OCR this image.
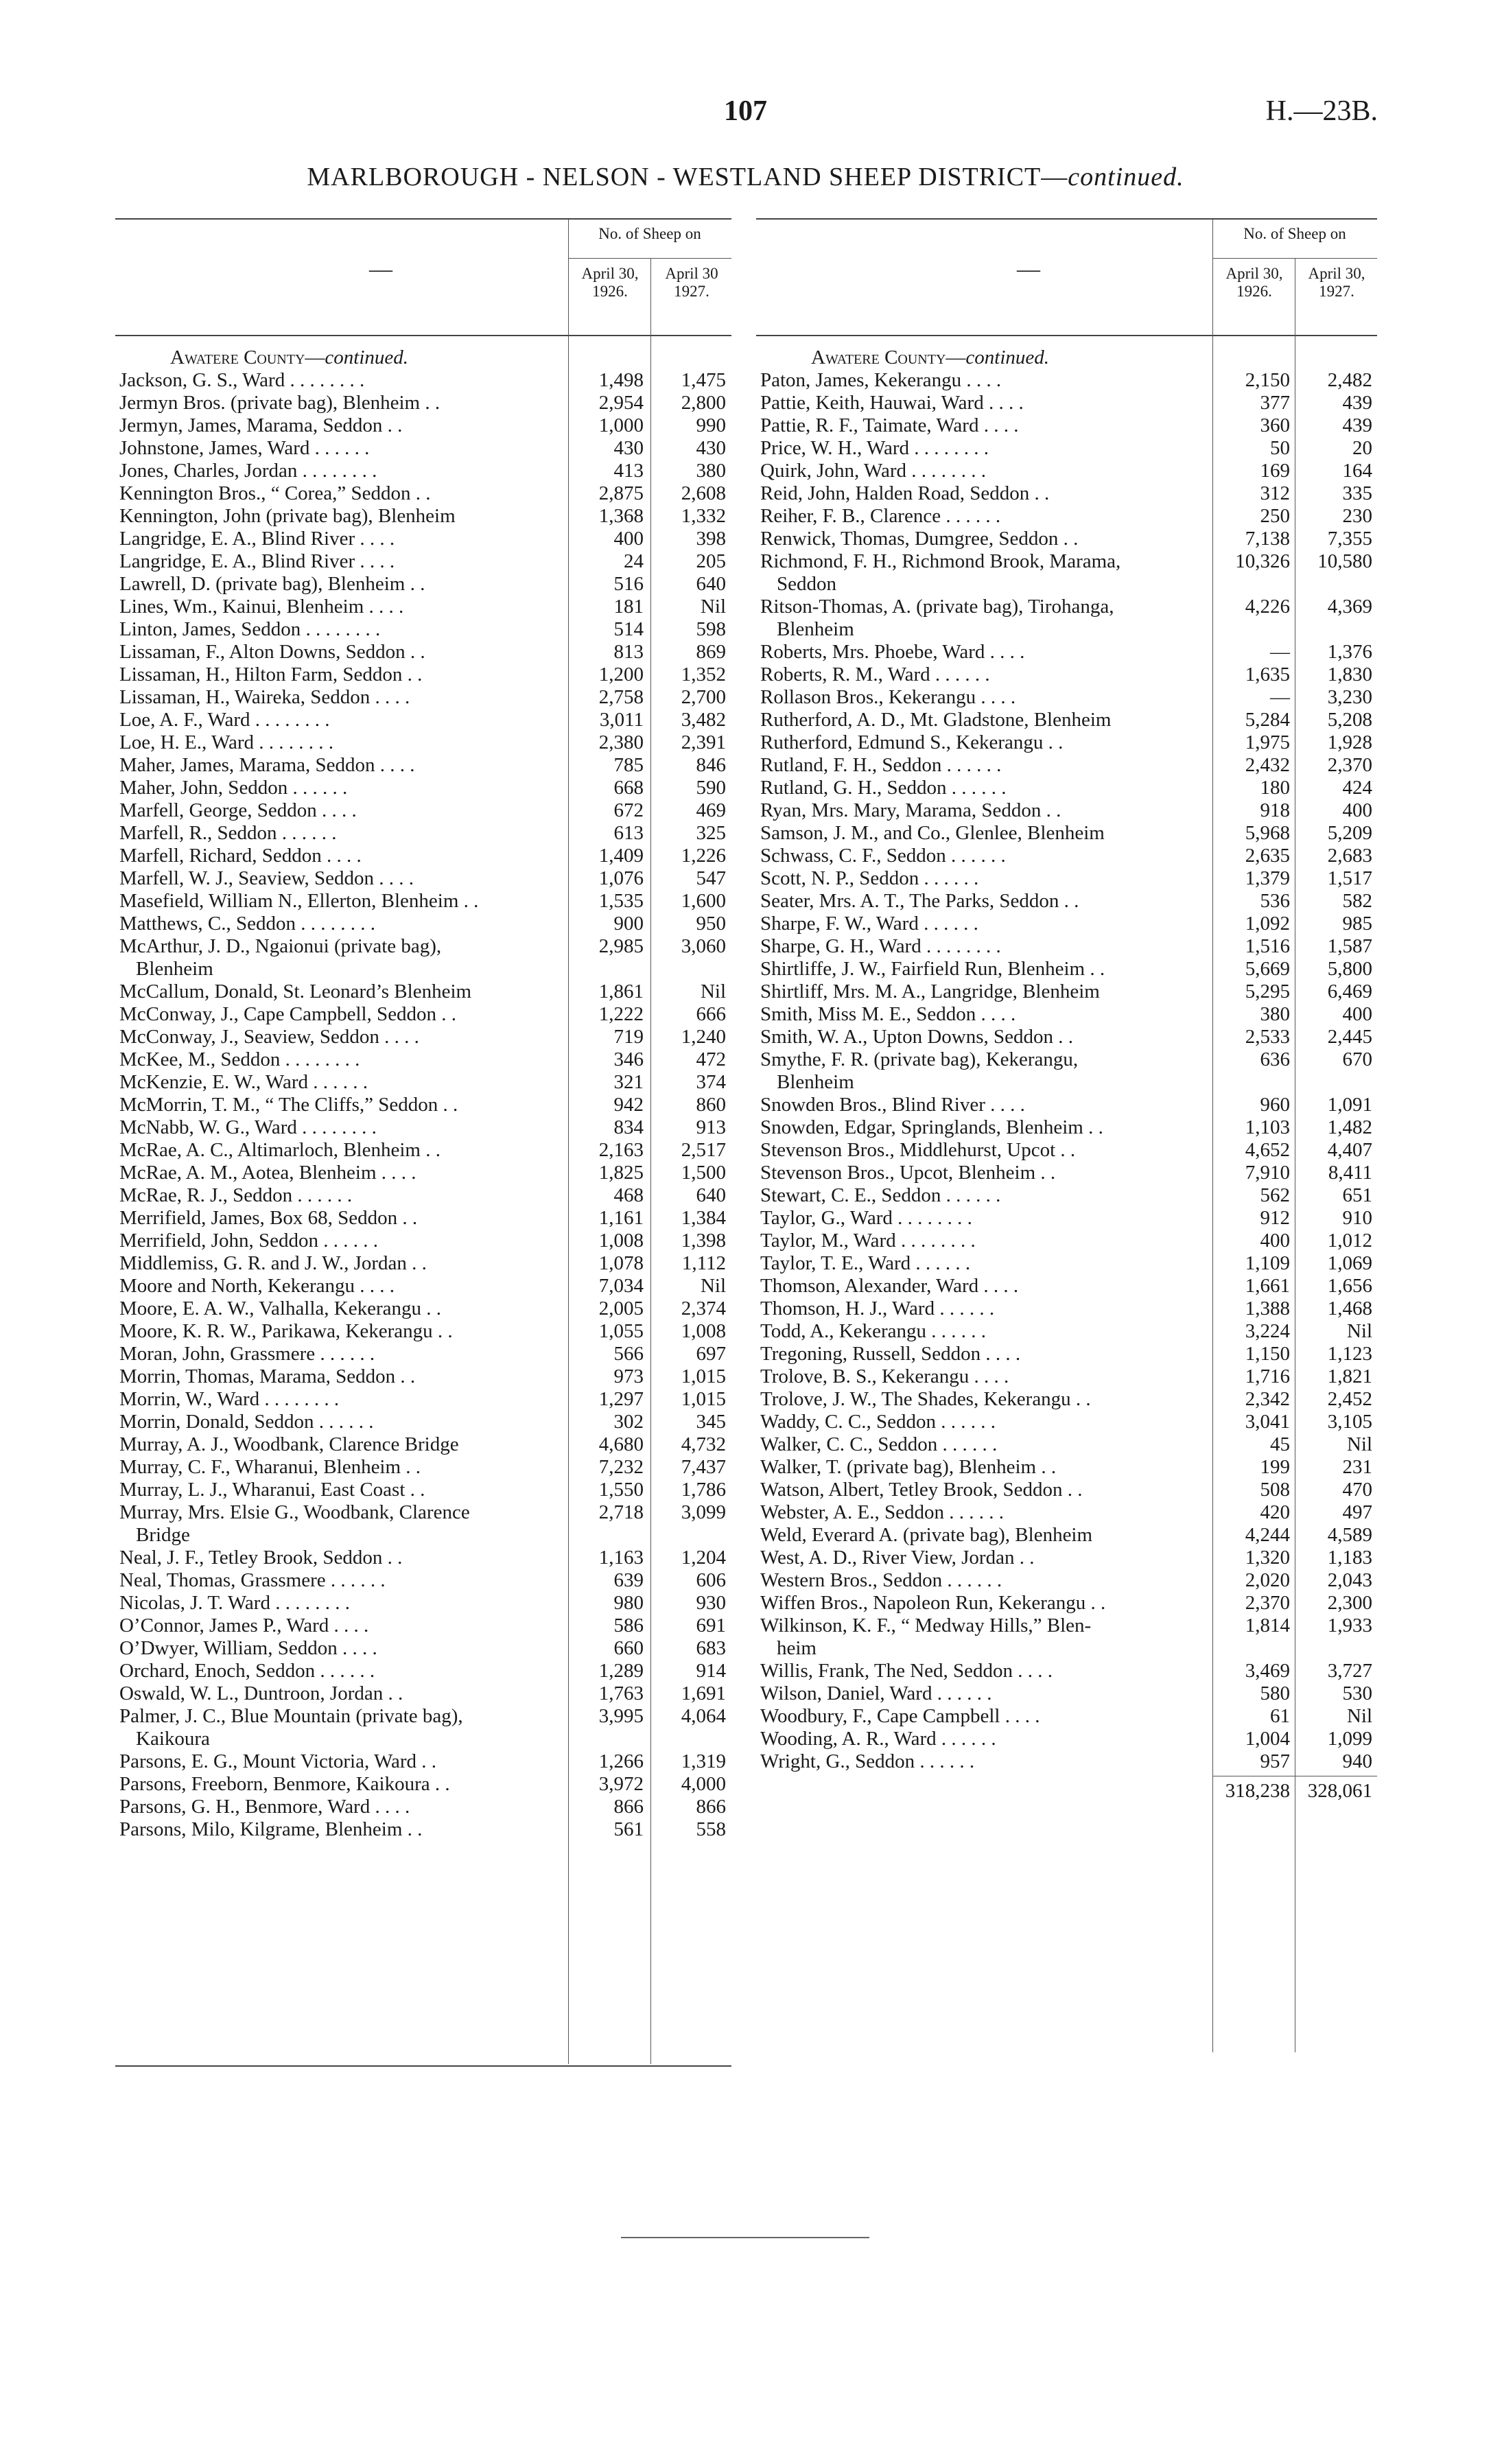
107	H.—23B.
MARLBOROUGH - NELSON - WESTLAND SHEEP DISTRICT—continued.
—
No. of Sheep on
April 30, 1926.
April 30 1927.
Awatere County—continued.
Jackson, G. S., Ward . . . . . . . .	1,498	1,475
Jermyn Bros. (private bag), Blenheim . .	2,954	2,800
Jermyn, James, Marama, Seddon . .	1,000	990
Johnstone, James, Ward . . . . . .	430	430
Jones, Charles, Jordan . . . . . . . .	413	380
Kennington Bros., “ Corea,” Seddon . .	2,875	2,608
Kennington, John (private bag), Blenheim	1,368	1,332
Langridge, E. A., Blind River . . . .	400	398
Langridge, E. A., Blind River . . . .	24	205
Lawrell, D. (private bag), Blenheim . .	516	640
Lines, Wm., Kainui, Blenheim . . . .	181	Nil
Linton, James, Seddon . . . . . . . .	514	598
Lissaman, F., Alton Downs, Seddon . .	813	869
Lissaman, H., Hilton Farm, Seddon . .	1,200	1,352
Lissaman, H., Waireka, Seddon . . . .	2,758	2,700
Loe, A. F., Ward . . . . . . . .	3,011	3,482
Loe, H. E., Ward . . . . . . . .	2,380	2,391
Maher, James, Marama, Seddon . . . .	785	846
Maher, John, Seddon . . . . . .	668	590
Marfell, George, Seddon . . . .	672	469
Marfell, R., Seddon . . . . . .	613	325
Marfell, Richard, Seddon . . . .	1,409	1,226
Marfell, W. J., Seaview, Seddon . . . .	1,076	547
Masefield, William N., Ellerton, Blenheim . .	1,535	1,600
Matthews, C., Seddon . . . . . . . .	900	950
McArthur, J. D., Ngaionui (private bag),
Blenheim
2,985	3,060
McCallum, Donald, St. Leonard’s Blenheim	1,861	Nil
McConway, J., Cape Campbell, Seddon . .	1,222	666
McConway, J., Seaview, Seddon . . . .	719	1,240
McKee, M., Seddon . . . . . . . .	346	472
McKenzie, E. W., Ward . . . . . .	321	374
McMorrin, T. M., “ The Cliffs,” Seddon . .	942	860
McNabb, W. G., Ward . . . . . . . .	834	913
McRae, A. C., Altimarloch, Blenheim . .	2,163	2,517
McRae, A. M., Aotea, Blenheim . . . .	1,825	1,500
McRae, R. J., Seddon . . . . . .	468	640
Merrifield, James, Box 68, Seddon . .	1,161	1,384
Merrifield, John, Seddon . . . . . .	1,008	1,398
Middlemiss, G. R. and J. W., Jordan . .	1,078	1,112
Moore and North, Kekerangu . . . .	7,034	Nil
Moore, E. A. W., Valhalla, Kekerangu . .	2,005	2,374
Moore, K. R. W., Parikawa, Kekerangu . .	1,055	1,008
Moran, John, Grassmere . . . . . .	566	697
Morrin, Thomas, Marama, Seddon . .	973	1,015
Morrin, W., Ward . . . . . . . .	1,297	1,015
Morrin, Donald, Seddon . . . . . .	302	345
Murray, A. J., Woodbank, Clarence Bridge	4,680	4,732
Murray, C. F., Wharanui, Blenheim . .	7,232	7,437
Murray, L. J., Wharanui, East Coast . .	1,550	1,786
Murray, Mrs. Elsie G., Woodbank, Clarence
Bridge
2,718	3,099
Neal, J. F., Tetley Brook, Seddon . .	1,163	1,204
Neal, Thomas, Grassmere . . . . . .	639	606
Nicolas, J. T. Ward . . . . . . . .	980	930
O’Connor, James P., Ward . . . .	586	691
O’Dwyer, William, Seddon . . . .	660	683
Orchard, Enoch, Seddon . . . . . .	1,289	914
Oswald, W. L., Duntroon, Jordan . .	1,763	1,691
Palmer, J. C., Blue Mountain (private bag),
Kaikoura
3,995	4,064
Parsons, E. G., Mount Victoria, Ward . .	1,266	1,319
Parsons, Freeborn, Benmore, Kaikoura . .	3,972	4,000
Parsons, G. H., Benmore, Ward . . . .	866	866
Parsons, Milo, Kilgrame, Blenheim . .	561	558
—
No. of Sheep on
April 30, 1926.
April 30, 1927.
Awatere County—continued.
Paton, James, Kekerangu . . . .	2,150	2,482
Pattie, Keith, Hauwai, Ward . . . .	377	439
Pattie, R. F., Taimate, Ward . . . .	360	439
Price, W. H., Ward . . . . . . . .	50	20
Quirk, John, Ward . . . . . . . .	169	164
Reid, John, Halden Road, Seddon . .	312	335
Reiher, F. B., Clarence . . . . . .	250	230
Renwick, Thomas, Dumgree, Seddon . .	7,138	7,355
Richmond, F. H., Richmond Brook, Marama,
Seddon
10,326	10,580
Ritson-Thomas, A. (private bag), Tirohanga,
Blenheim
4,226	4,369
Roberts, Mrs. Phoebe, Ward . . . .	—	1,376
Roberts, R. M., Ward . . . . . .	1,635	1,830
Rollason Bros., Kekerangu . . . .	—	3,230
Rutherford, A. D., Mt. Gladstone, Blenheim	5,284	5,208
Rutherford, Edmund S., Kekerangu . .	1,975	1,928
Rutland, F. H., Seddon . . . . . .	2,432	2,370
Rutland, G. H., Seddon . . . . . .	180	424
Ryan, Mrs. Mary, Marama, Seddon . .	918	400
Samson, J. M., and Co., Glenlee, Blenheim	5,968	5,209
Schwass, C. F., Seddon . . . . . .	2,635	2,683
Scott, N. P., Seddon . . . . . .	1,379	1,517
Seater, Mrs. A. T., The Parks, Seddon . .	536	582
Sharpe, F. W., Ward . . . . . .	1,092	985
Sharpe, G. H., Ward . . . . . . . .	1,516	1,587
Shirtliffe, J. W., Fairfield Run, Blenheim . .	5,669	5,800
Shirtliff, Mrs. M. A., Langridge, Blenheim	5,295	6,469
Smith, Miss M. E., Seddon . . . .	380	400
Smith, W. A., Upton Downs, Seddon . .	2,533	2,445
Smythe, F. R. (private bag), Kekerangu,
Blenheim
636	670
Snowden Bros., Blind River . . . .	960	1,091
Snowden, Edgar, Springlands, Blenheim . .	1,103	1,482
Stevenson Bros., Middlehurst, Upcot . .	4,652	4,407
Stevenson Bros., Upcot, Blenheim . .	7,910	8,411
Stewart, C. E., Seddon . . . . . .	562	651
Taylor, G., Ward . . . . . . . .	912	910
Taylor, M., Ward . . . . . . . .	400	1,012
Taylor, T. E., Ward . . . . . .	1,109	1,069
Thomson, Alexander, Ward . . . .	1,661	1,656
Thomson, H. J., Ward . . . . . .	1,388	1,468
Todd, A., Kekerangu . . . . . .	3,224	Nil
Tregoning, Russell, Seddon . . . .	1,150	1,123
Trolove, B. S., Kekerangu . . . .	1,716	1,821
Trolove, J. W., The Shades, Kekerangu . .	2,342	2,452
Waddy, C. C., Seddon . . . . . .	3,041	3,105
Walker, C. C., Seddon . . . . . .	45	Nil
Walker, T. (private bag), Blenheim . .	199	231
Watson, Albert, Tetley Brook, Seddon . .	508	470
Webster, A. E., Seddon . . . . . .	420	497
Weld, Everard A. (private bag), Blenheim	4,244	4,589
West, A. D., River View, Jordan . .	1,320	1,183
Western Bros., Seddon . . . . . .	2,020	2,043
Wiffen Bros., Napoleon Run, Kekerangu . .	2,370	2,300
Wilkinson, K. F., “ Medway Hills,” Blen-
heim
1,814	1,933
Willis, Frank, The Ned, Seddon . . . .	3,469	3,727
Wilson, Daniel, Ward . . . . . .	580	530
Woodbury, F., Cape Campbell . . . .	61	Nil
Wooding, A. R., Ward . . . . . .	1,004	1,099
Wright, G., Seddon . . . . . .	957	940
318,238 328,061
